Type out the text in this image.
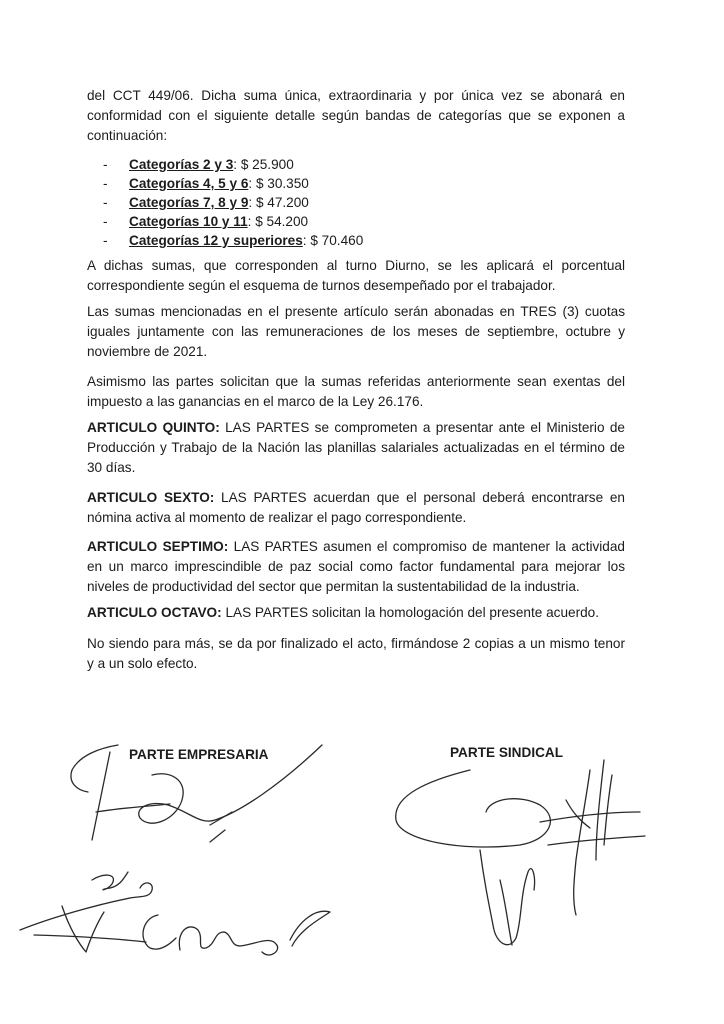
del CCT 449/06. Dicha suma única, extraordinaria y por única vez se abonará en conformidad con el siguiente detalle según bandas de categorías que se exponen a continuación:

- Categorías 2 y 3: $ 25.900
- Categorías 4, 5 y 6: $ 30.350
- Categorías 7, 8 y 9: $ 47.200
- Categorías 10 y 11: $ 54.200
- Categorías 12 y superiores: $ 70.460

A dichas sumas, que corresponden al turno Diurno, se les aplicará el porcentual correspondiente según el esquema de turnos desempeñado por el trabajador.

Las sumas mencionadas en el presente artículo serán abonadas en TRES (3) cuotas iguales juntamente con las remuneraciones de los meses de septiembre, octubre y noviembre de 2021.

Asimismo las partes solicitan que la sumas referidas anteriormente sean exentas del impuesto a las ganancias en el marco de la Ley 26.176.

ARTICULO QUINTO: LAS PARTES se comprometen a presentar ante el Ministerio de Producción y Trabajo de la Nación las planillas salariales actualizadas en el término de 30 días.

ARTICULO SEXTO: LAS PARTES acuerdan que el personal deberá encontrarse en nómina activa al momento de realizar el pago correspondiente.

ARTICULO SEPTIMO: LAS PARTES asumen el compromiso de mantener la actividad en un marco imprescindible de paz social como factor fundamental para mejorar los niveles de productividad del sector que permitan la sustentabilidad de la industria.

ARTICULO OCTAVO: LAS PARTES solicitan la homologación del presente acuerdo.

No siendo para más, se da por finalizado el acto, firmándose 2 copias a un mismo tenor y a un solo efecto.

PARTE EMPRESARIA	PARTE SINDICAL
